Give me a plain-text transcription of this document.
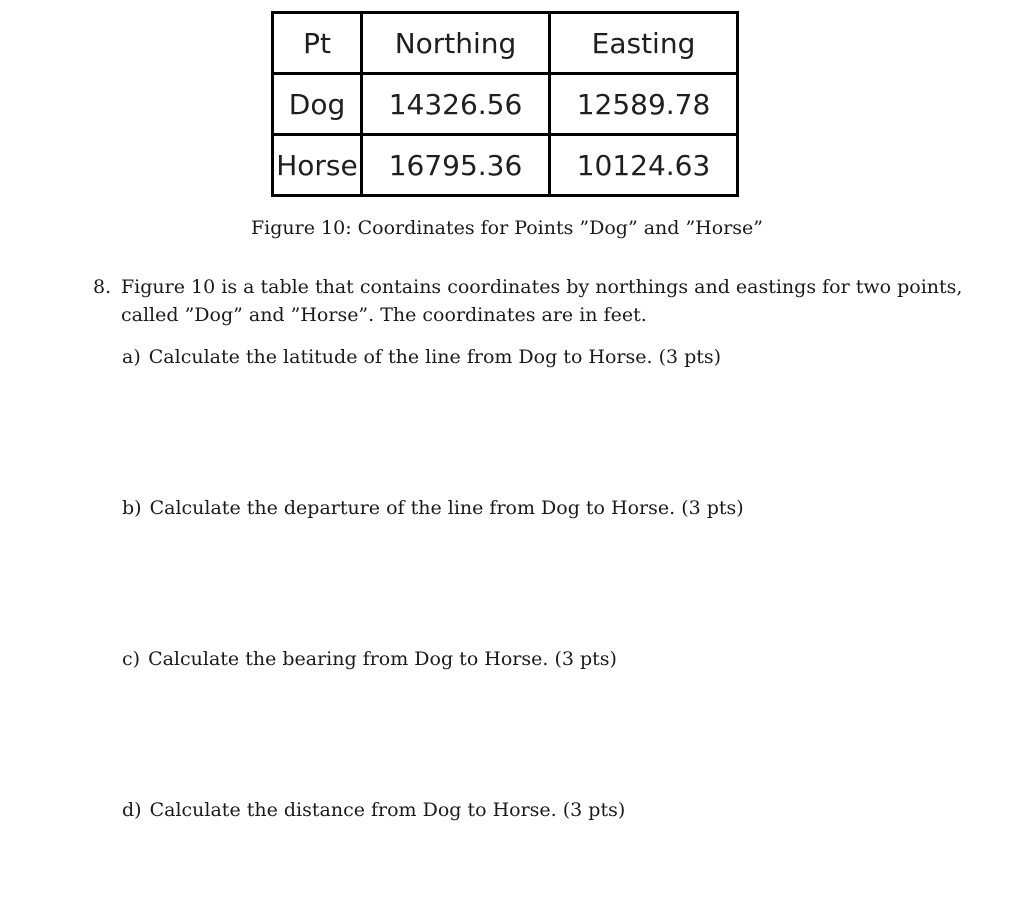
Pt	Northing	Easting
Dog	14326.56	12589.78
Horse	16795.36	10124.63
Figure 10: Coordinates for Points ”Dog” and ”Horse”
8. Figure 10 is a table that contains coordinates by northings and eastings for two points, called ”Dog” and ”Horse”. The coordinates are in feet.
a) Calculate the latitude of the line from Dog to Horse. (3 pts)
b) Calculate the departure of the line from Dog to Horse. (3 pts)
c) Calculate the bearing from Dog to Horse. (3 pts)
d) Calculate the distance from Dog to Horse. (3 pts)
